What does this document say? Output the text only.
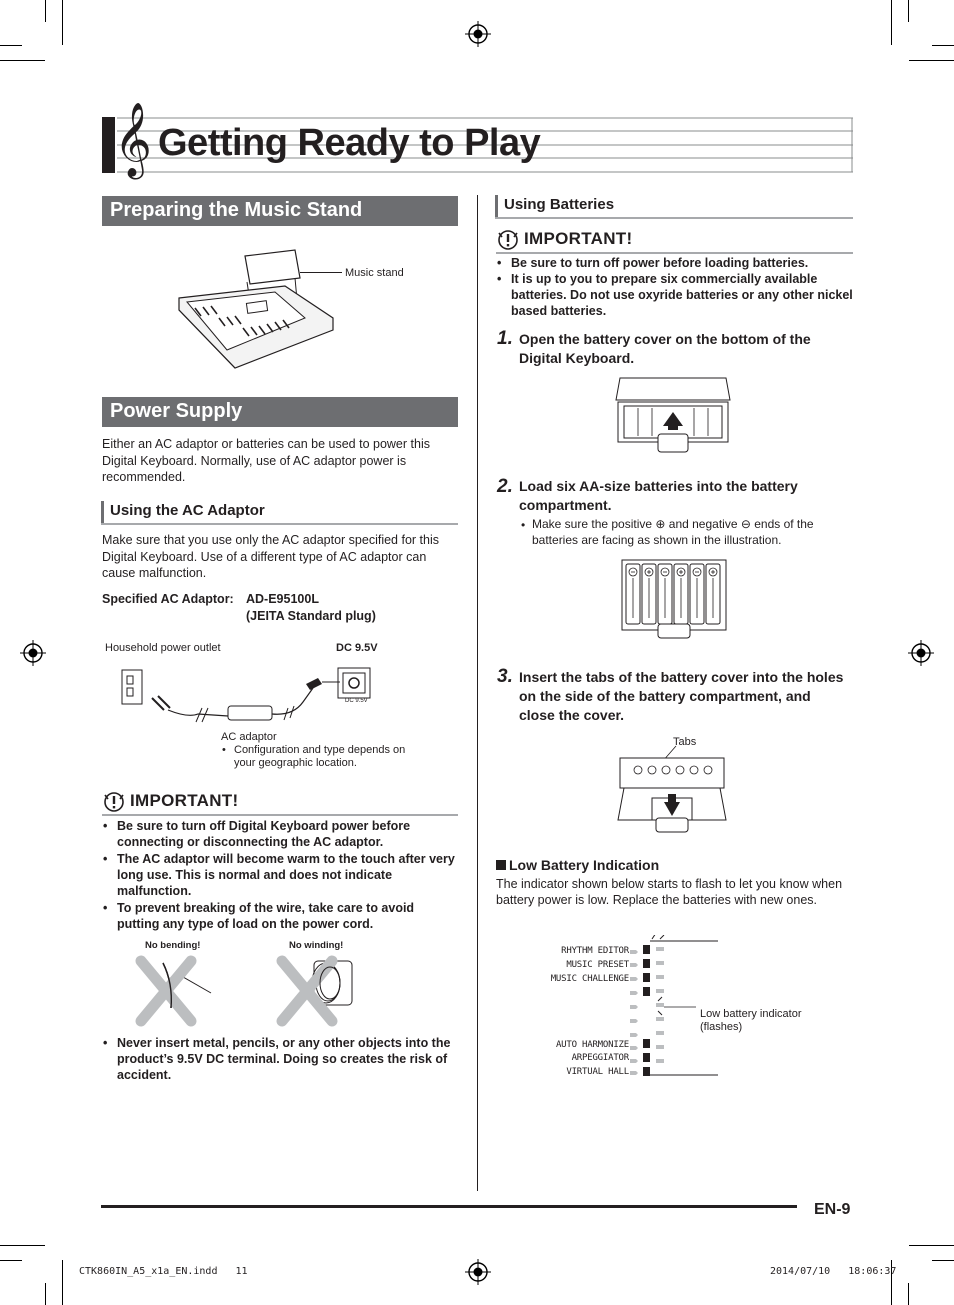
𝄞 Getting Ready to Play
Preparing the Music Stand
Music stand
Power Supply
Either an AC adaptor or batteries can be used to power this Digital Keyboard. Normally, use of AC adaptor power is recommended.
Using the AC Adaptor
Make sure that you use only the AC adaptor specified for this Digital Keyboard. Use of a different type of AC adaptor can cause malfunction.
Specified AC Adaptor: AD-E95100L
(JEITA Standard plug)
Household power outlet	DC 9.5V
DC 9.5V
AC adaptor
• Configuration and type depends on your geographic location.
IMPORTANT!
• Be sure to turn off Digital Keyboard power before connecting or disconnecting the AC adaptor.
• The AC adaptor will become warm to the touch after very long use. This is normal and does not indicate malfunction.
• To prevent breaking of the wire, take care to avoid putting any type of load on the power cord.
No bending!	No winding!
• Never insert metal, pencils, or any other objects into the product’s 9.5V DC terminal. Doing so creates the risk of accident.
Using Batteries
IMPORTANT!
• Be sure to turn off power before loading batteries.
• It is up to you to prepare six commercially available batteries. Do not use oxyride batteries or any other nickel based batteries.
1. Open the battery cover on the bottom of the Digital Keyboard.
2. Load six AA-size batteries into the battery compartment.
• Make sure the positive ⊕ and negative ⊖ ends of the batteries are facing as shown in the illustration.
3. Insert the tabs of the battery cover into the holes on the side of the battery compartment, and close the cover.
Tabs
Low Battery Indication
The indicator shown below starts to flash to let you know when battery power is low. Replace the batteries with new ones.
RHYTHM EDITOR
MUSIC PRESET
MUSIC CHALLENGE
AUTO HARMONIZE
ARPEGGIATOR
VIRTUAL HALL
Low battery indicator (flashes)
EN-9
CTK860IN_A5_x1a_EN.indd   11	2014/07/10   18:06:37
